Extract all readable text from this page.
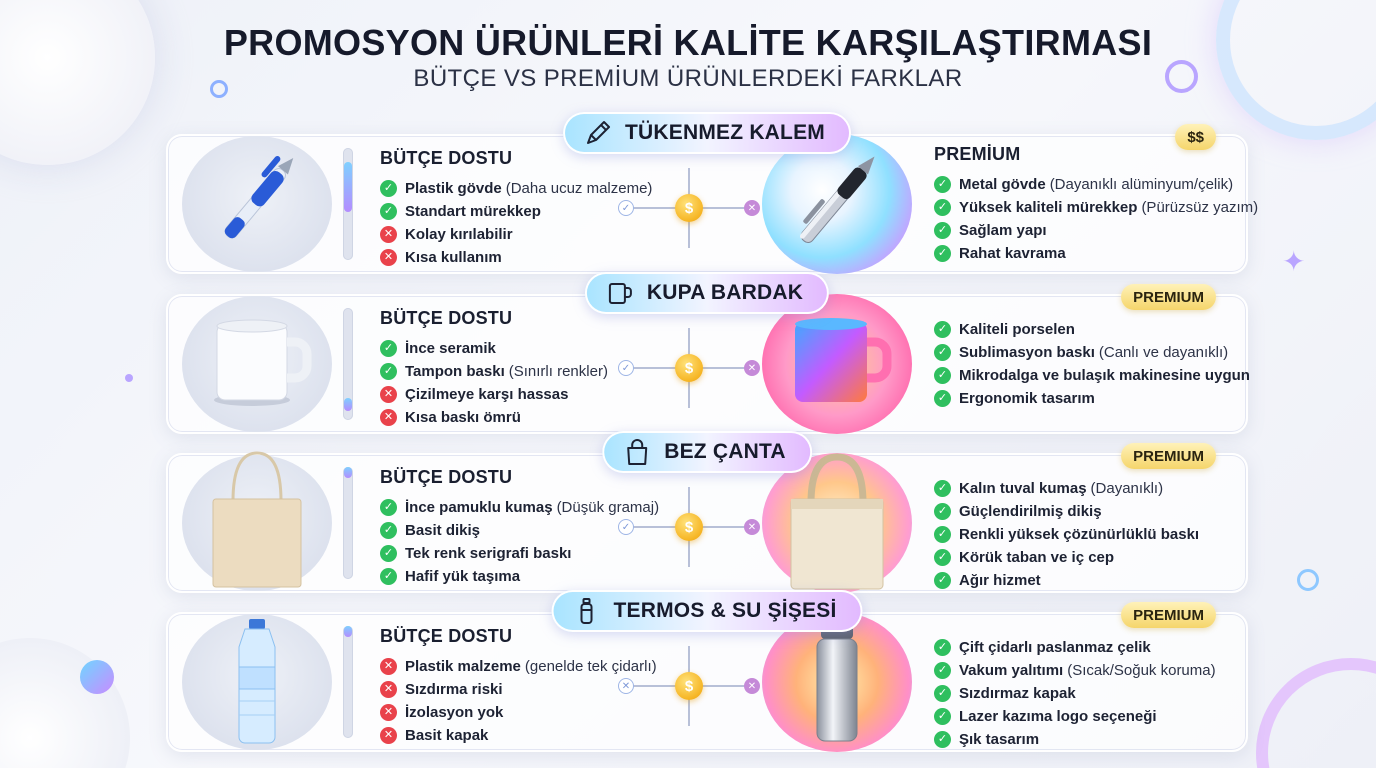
✦
PROMOSYON ÜRÜNLERİ KALİTE KARŞILAŞTIRMASI
BÜTÇE VS PREMİUM ÜRÜNLERDEKİ FARKLAR
BÜTÇE DOSTU
✓ Plastik gövde (Daha ucuz malzeme)
✓ Standart mürekkep
✕ Kolay kırılabilir
✕ Kısa kullanım
✓	$	✕
PREMİUM
✓ Metal gövde (Dayanıklı alüminyum/çelik)
✓ Yüksek kaliteli mürekkep (Pürüzsüz yazım)
✓ Sağlam yapı
✓ Rahat kavrama
$$
TÜKENMEZ KALEM
BÜTÇE DOSTU
✓ İnce seramik
✓ Tampon baskı (Sınırlı renkler)
✕ Çizilmeye karşı hassas
✕ Kısa baskı ömrü
✓	$	✕
✓ Kaliteli porselen
✓ Sublimasyon baskı (Canlı ve dayanıklı)
✓ Mikrodalga ve bulaşık makinesine uygun
✓ Ergonomik tasarım
PREMIUM
KUPA BARDAK
BÜTÇE DOSTU
✓ İnce pamuklu kumaş (Düşük gramaj)
✓ Basit dikiş
✓ Tek renk serigrafi baskı
✓ Hafif yük taşıma
✓	$	✕
✓ Kalın tuval kumaş (Dayanıklı)
✓ Güçlendirilmiş dikiş
✓ Renkli yüksek çözünürlüklü baskı
✓ Körük taban ve iç cep
✓ Ağır hizmet
PREMIUM
BEZ ÇANTA
BÜTÇE DOSTU
✕ Plastik malzeme (genelde tek çidarlı)
✕ Sızdırma riski
✕ İzolasyon yok
✕ Basit kapak
✕	$	✕
✓ Çift çidarlı paslanmaz çelik
✓ Vakum yalıtımı (Sıcak/Soğuk koruma)
✓ Sızdırmaz kapak
✓ Lazer kazıma logo seçeneği
✓ Şık tasarım
PREMIUM
TERMOS & SU ŞİŞESİ
